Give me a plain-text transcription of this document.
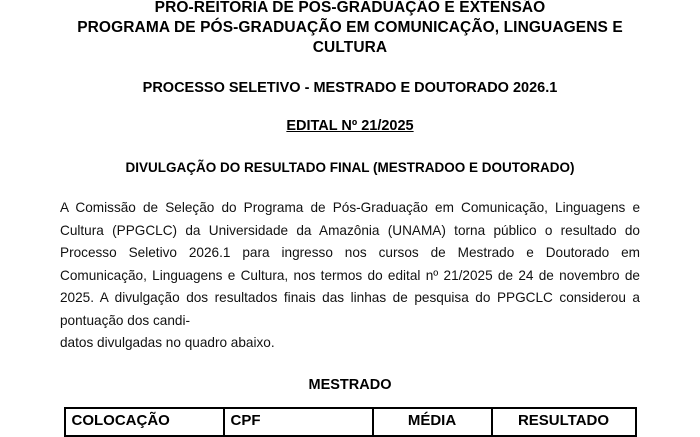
PRÓ-REITORIA DE PÓS-GRADUAÇÃO E EXTENSÃO
PROGRAMA DE PÓS-GRADUAÇÃO EM COMUNICAÇÃO, LINGUAGENS E
CULTURA
PROCESSO SELETIVO - MESTRADO E DOUTORADO 2026.1
EDITAL Nº 21/2025
DIVULGAÇÃO DO RESULTADO FINAL (MESTRADOO E DOUTORADO)
A Comissão de Seleção do Programa de Pós-Graduação em Comunicação, Linguagens e Cultura (PPGCLC) da Universidade da Amazônia (UNAMA) torna público o resultado do Processo Seletivo 2026.1 para ingresso nos cursos de Mestrado e Doutorado em Comunicação, Linguagens e Cultura, nos termos do edital nº 21/2025 de 24 de novembro de 2025. A divulgação dos resultados finais das linhas de pesquisa do PPGCLC considerou a pontuação dos candi-
datos divulgadas no quadro abaixo.
MESTRADO
COLOCAÇÃO	CPF	MÉDIA	RESULTADO
